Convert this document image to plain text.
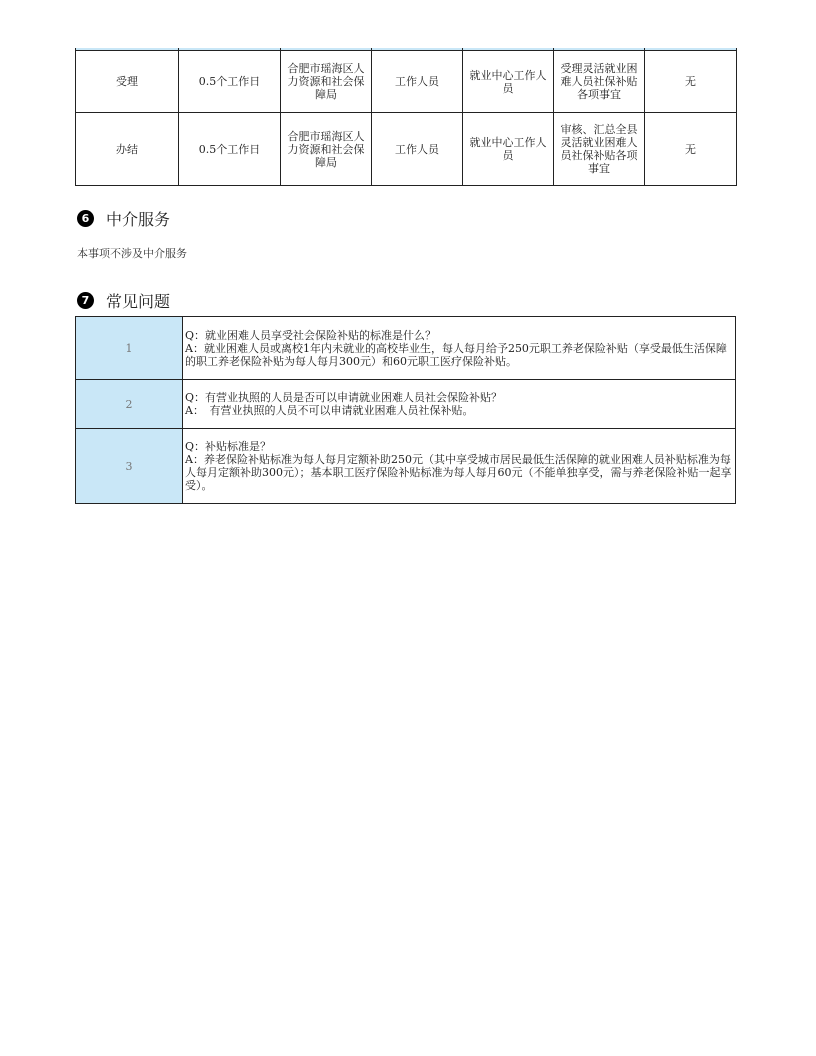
受理	0.5个工作日	合肥市瑶海区人力资源和社会保障局	工作人员	就业中心工作人员	受理灵活就业困难人员社保补贴各项事宜	无
办结	0.5个工作日	合肥市瑶海区人力资源和社会保障局	工作人员	就业中心工作人员	审核、汇总全县灵活就业困难人员社保补贴各项事宜	无
6 中介服务
本事项不涉及中介服务
7 常见问题
1	Q：就业困难人员享受社会保险补贴的标准是什么？
A：就业困难人员或离校1年内未就业的高校毕业生，每人每月给予250元职工养老保险补贴（享受最低生活保障的职工养老保险补贴为每人每月300元）和60元职工医疗保险补贴。

2	Q：有营业执照的人员是否可以申请就业困难人员社会保险补贴？
A：　有营业执照的人员不可以申请就业困难人员社保补贴。

3	Q：补贴标准是？
A：养老保险补贴标准为每人每月定额补助250元（其中享受城市居民最低生活保障的就业困难人员补贴标准为每人每月定额补助300元）；基本职工医疗保险补贴标准为每人每月60元（不能单独享受，需与养老保险补贴一起享受）。
